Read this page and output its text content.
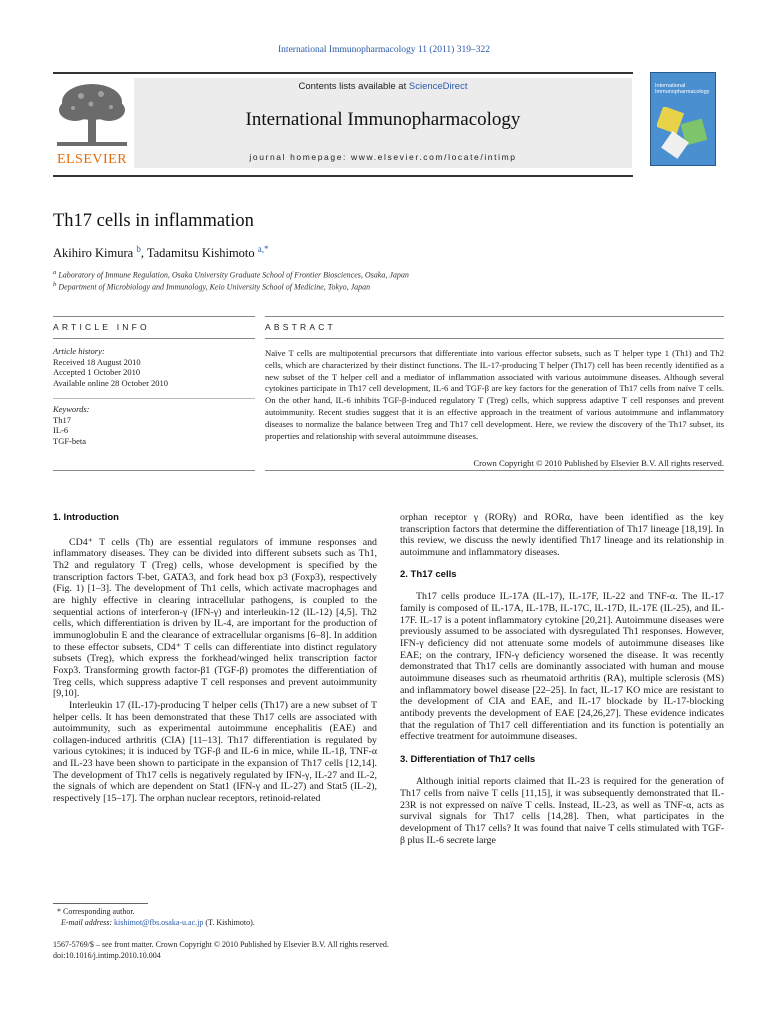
International Immunopharmacology 11 (2011) 319–322
Contents lists available at ScienceDirect
International Immunopharmacology
journal homepage: www.elsevier.com/locate/intimp
ELSEVIER
International Immunopharmacology
Th17 cells in inflammation
Akihiro Kimura $^b$, Tadamitsu Kishimoto $^{a,*}$
$^a$ Laboratory of Immune Regulation, Osaka University Graduate School of Frontier Biosciences, Osaka, Japan
$^b$ Department of Microbiology and Immunology, Keio University School of Medicine, Tokyo, Japan
ARTICLE INFO	ABSTRACT
Article history:
Received 18 August 2010
Accepted 1 October 2010
Available online 28 October 2010
Keywords:
Th17
IL-6
TGF-beta
Naïve T cells are multipotential precursors that differentiate into various effector subsets, such as T helper type 1 (Th1) and Th2 cells, which are characterized by their distinct functions. The IL-17-producing T helper (Th17) cell has been recently identified as a new subset of the T helper cell and a mediator of inflammation associated with various autoimmune diseases. Although several cytokines participate in Th17 cell development, IL-6 and TGF-β are key factors for the generation of Th17 cells from naïve T cells. On the other hand, IL-6 inhibits TGF-β-induced regulatory T (Treg) cells, which suppress adaptive T cell responses and prevent autoimmunity. Recent studies suggest that it is an effective approach in the treatment of various autoimmune and inflammatory diseases to normalize the balance between Treg and Th17 cell development. Here, we review the discovery of the Th17 subset, its properties and relationship with several autoimmune diseases.
Crown Copyright © 2010 Published by Elsevier B.V. All rights reserved.
1. Introduction

CD4⁺ T cells (Th) are essential regulators of immune responses and inflammatory diseases. They can be divided into different subsets such as Th1, Th2 and regulatory T (Treg) cells, whose development is specified by the transcription factors T-bet, GATA3, and fork head box p3 (Foxp3), respectively (Fig. 1) [1–3]. The development of Th1 cells, which activate macrophages and are highly effective in clearing intracellular pathogens, is coupled to the sequential actions of interferon-γ (IFN-γ) and interleukin-12 (IL-12) [4,5]. Th2 cells, which differentiation is driven by IL-4, are important for the production of immunoglobulin E and the clearance of extracellular organisms [6–8]. In addition to these effector subsets, CD4⁺ T cells can differentiate into distinct regulatory subsets (Treg), which express the forkhead/winged helix transcription factor Foxp3. Transforming growth factor-β1 (TGF-β) promotes the differentiation of Treg cells, which suppress adaptive T cell responses and prevent autoimmunity [9,10].

Interleukin 17 (IL-17)-producing T helper cells (Th17) are a new subset of T helper cells. It has been demonstrated that these Th17 cells are associated with autoimmunity, such as experimental autoimmune encephalitis (EAE) and collagen-induced arthritis (CIA) [11–13]. Th17 differentiation is regulated by various cytokines; it is induced by TGF-β and IL-6 in mice, while IL-1β, TNF-α and IL-23 have been shown to participate in the expansion of Th17 cells [12,14]. The development of Th17 cells is negatively regulated by IFN-γ, IL-27 and IL-2, the signals of which are dependent on Stat1 (IFN-γ and IL-27) and Stat5 (IL-2), respectively [15–17]. The orphan nuclear receptors, retinoid-related

orphan receptor γ (RORγ) and RORα, have been identified as the key transcription factors that determine the differentiation of Th17 lineage [18,19]. In this review, we discuss the newly identified Th17 lineage and its relationship in autoimmune and inflammatory diseases.

2. Th17 cells

Th17 cells produce IL-17A (IL-17), IL-17F, IL-22 and TNF-α. The IL-17 family is composed of IL-17A, IL-17B, IL-17C, IL-17D, IL-17E (IL-25), and IL-17F. IL-17 is a potent inflammatory cytokine [20,21]. Autoimmune diseases were previously assumed to be associated with dysregulated Th1 responses. However, IFN-γ deficiency did not attenuate some models of autoimmune diseases like EAE; on the contrary, IFN-γ deficiency worsened the disease. It was recently demonstrated that Th17 cells are dominantly associated with human and mouse autoimmune diseases such as rheumatoid arthritis (RA), multiple sclerosis (MS) and inflammatory bowel disease [22–25]. In fact, IL-17 KO mice are resistant to the development of CIA and EAE, and IL-17 blockade by IL-17-blocking antibody prevents the development of EAE [24,26,27]. These evidence indicates that the regulation of Th17 cell differentiation and its function is potentially an effective treatment for autoimmune diseases.

3. Differentiation of Th17 cells

Although initial reports claimed that IL-23 is required for the generation of Th17 cells from naïve T cells [11,15], it was subsequently demonstrated that IL-23R is not expressed on naïve T cells. Instead, IL-23, as well as TNF-α, acts as survival signals for Th17 cells [14,28]. Then, what participates in the development of Th17 cells? It was found that naive T cells stimulated with TGF-β plus IL-6 secrete large

* Corresponding author.
E-mail address: kishimot@fbs.osaka-u.ac.jp (T. Kishimoto).
1567-5769/$ – see front matter. Crown Copyright © 2010 Published by Elsevier B.V. All rights reserved.
doi:10.1016/j.intimp.2010.10.004
